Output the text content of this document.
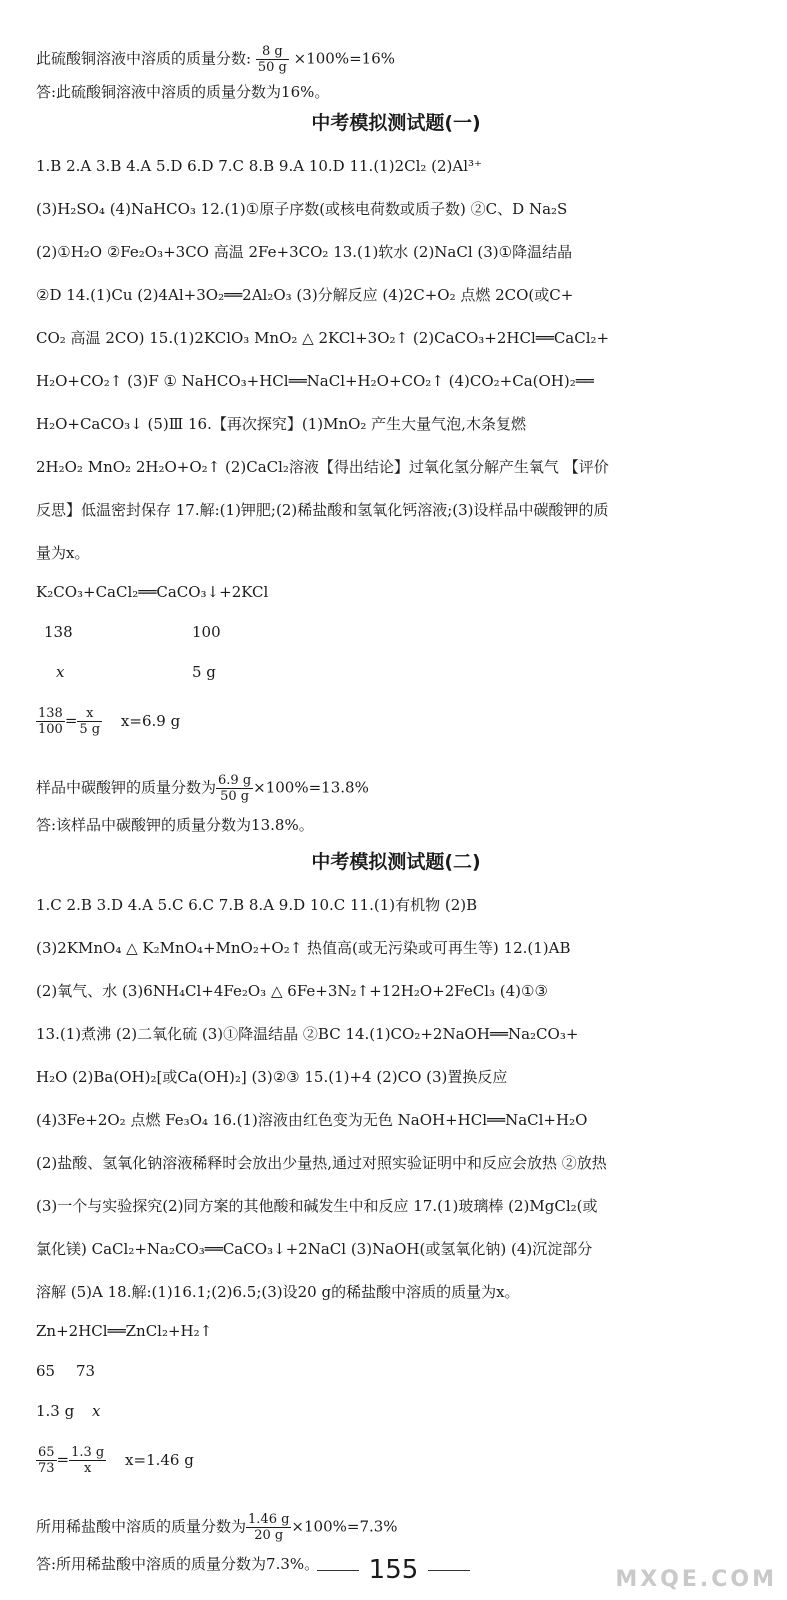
此硫酸铜溶液中溶质的质量分数: $\frac{8 g}{50 g} \times 100\%=16\%$
答:此硫酸铜溶液中溶质的质量分数为16%。
中考模拟测试题(一)

1.B 2.A 3.B 4.A 5.D 6.D 7.C 8.B 9.A 10.D 11.(1)2Cl₂ (2)Al³⁺

(3)H₂SO₄ (4)NaHCO₃ 12.(1)①原子序数(或核电荷数或质子数) ②C、D Na₂S

(2)①H₂O ②Fe₂O₃+3CO 高温 2Fe+3CO₂ 13.(1)软水 (2)NaCl (3)①降温结晶

②D 14.(1)Cu (2)4Al+3O₂══2Al₂O₃ (3)分解反应 (4)2C+O₂ 点燃 2CO(或C+

CO₂ 高温 2CO) 15.(1)2KClO₃ MnO₂ △ 2KCl+3O₂↑ (2)CaCO₃+2HCl══CaCl₂+

H₂O+CO₂↑ (3)F ① NaHCO₃+HCl══NaCl+H₂O+CO₂↑ (4)CO₂+Ca(OH)₂══

H₂O+CaCO₃↓ (5)Ⅲ 16.【再次探究】(1)MnO₂ 产生大量气泡,木条复燃

2H₂O₂ MnO₂ 2H₂O+O₂↑ (2)CaCl₂溶液【得出结论】过氧化氢分解产生氧气 【评价

反思】低温密封保存 17.解:(1)钾肥;(2)稀盐酸和氢氧化钙溶液;(3)设样品中碳酸钾的质

量为x。

K₂CO₃+CaCl₂══CaCO₃↓+2KCl
138	100
x	5 g
$\frac{138}{100} = \frac{x}{5 g} x=6.9$ g
样品中碳酸钾的质量分数为 $\frac{6.9 g}{50 g} \times 100\%=13.8\%$
答:该样品中碳酸钾的质量分数为13.8%。
中考模拟测试题(二)

1.C 2.B 3.D 4.A 5.C 6.C 7.B 8.A 9.D 10.C 11.(1)有机物 (2)B

(3)2KMnO₄ △ K₂MnO₄+MnO₂+O₂↑ 热值高(或无污染或可再生等) 12.(1)AB

(2)氧气、水 (3)6NH₄Cl+4Fe₂O₃ △ 6Fe+3N₂↑+12H₂O+2FeCl₃ (4)①③

13.(1)煮沸 (2)二氧化硫 (3)①降温结晶 ②BC 14.(1)CO₂+2NaOH══Na₂CO₃+

H₂O (2)Ba(OH)₂[或Ca(OH)₂] (3)②③ 15.(1)+4 (2)CO (3)置换反应

(4)3Fe+2O₂ 点燃 Fe₃O₄ 16.(1)溶液由红色变为无色 NaOH+HCl══NaCl+H₂O

(2)盐酸、氢氧化钠溶液稀释时会放出少量热,通过对照实验证明中和反应会放热 ②放热

(3)一个与实验探究(2)同方案的其他酸和碱发生中和反应 17.(1)玻璃棒 (2)MgCl₂(或

氯化镁) CaCl₂+Na₂CO₃══CaCO₃↓+2NaCl (3)NaOH(或氢氧化钠) (4)沉淀部分

溶解 (5)A 18.解:(1)16.1;(2)6.5;(3)设20 g的稀盐酸中溶质的质量为x。

Zn+2HCl══ZnCl₂+H₂↑
65	73
1.3 g	x
$\frac{65}{73} = \frac{1.3 g}{x} x=1.46$ g
所用稀盐酸中溶质的质量分数为 $\frac{1.46 g}{20 g} \times 100\%=7.3\%$
答:所用稀盐酸中溶质的质量分数为7.3%。	155	MXQE.COM
